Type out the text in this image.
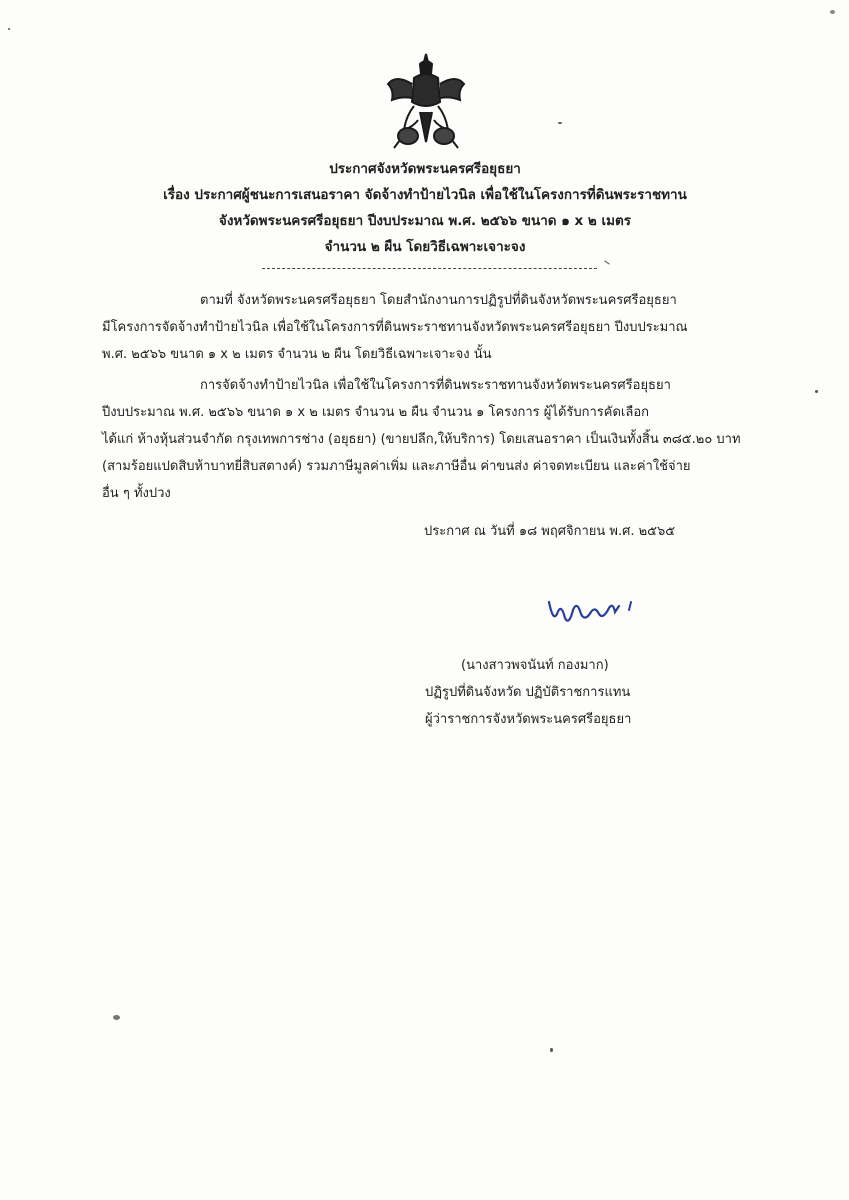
ประกาศจังหวัดพระนครศรีอยุธยา
เรื่อง ประกาศผู้ชนะการเสนอราคา จัดจ้างทำป้ายไวนิล เพื่อใช้ในโครงการที่ดินพระราชทาน
จังหวัดพระนครศรีอยุธยา ปีงบประมาณ พ.ศ. ๒๕๖๖ ขนาด ๑ x ๒ เมตร
จำนวน ๒ ผืน โดยวิธีเฉพาะเจาะจง
ตามที่ จังหวัดพระนครศรีอยุธยา โดยสำนักงานการปฏิรูปที่ดินจังหวัดพระนครศรีอยุธยา
มีโครงการจัดจ้างทำป้ายไวนิล เพื่อใช้ในโครงการที่ดินพระราชทานจังหวัดพระนครศรีอยุธยา ปีงบประมาณ
พ.ศ. ๒๕๖๖ ขนาด ๑ x ๒ เมตร จำนวน ๒ ผืน โดยวิธีเฉพาะเจาะจง นั้น
การจัดจ้างทำป้ายไวนิล เพื่อใช้ในโครงการที่ดินพระราชทานจังหวัดพระนครศรีอยุธยา
ปีงบประมาณ พ.ศ. ๒๕๖๖ ขนาด ๑ x ๒ เมตร จำนวน ๒ ผืน จำนวน ๑ โครงการ ผู้ได้รับการคัดเลือก
ได้แก่ ห้างหุ้นส่วนจำกัด กรุงเทพการช่าง (อยุธยา) (ขายปลีก,ให้บริการ) โดยเสนอราคา เป็นเงินทั้งสิ้น ๓๘๕.๒๐ บาท
(สามร้อยแปดสิบห้าบาทยี่สิบสตางค์) รวมภาษีมูลค่าเพิ่ม และภาษีอื่น ค่าขนส่ง ค่าจดทะเบียน และค่าใช้จ่าย
อื่น ๆ ทั้งปวง
ประกาศ ณ วันที่ ๑๘ พฤศจิกายน พ.ศ. ๒๕๖๕
(นางสาวพจนันท์ กองมาก)
ปฏิรูปที่ดินจังหวัด ปฏิบัติราชการแทน
ผู้ว่าราชการจังหวัดพระนครศรีอยุธยา
